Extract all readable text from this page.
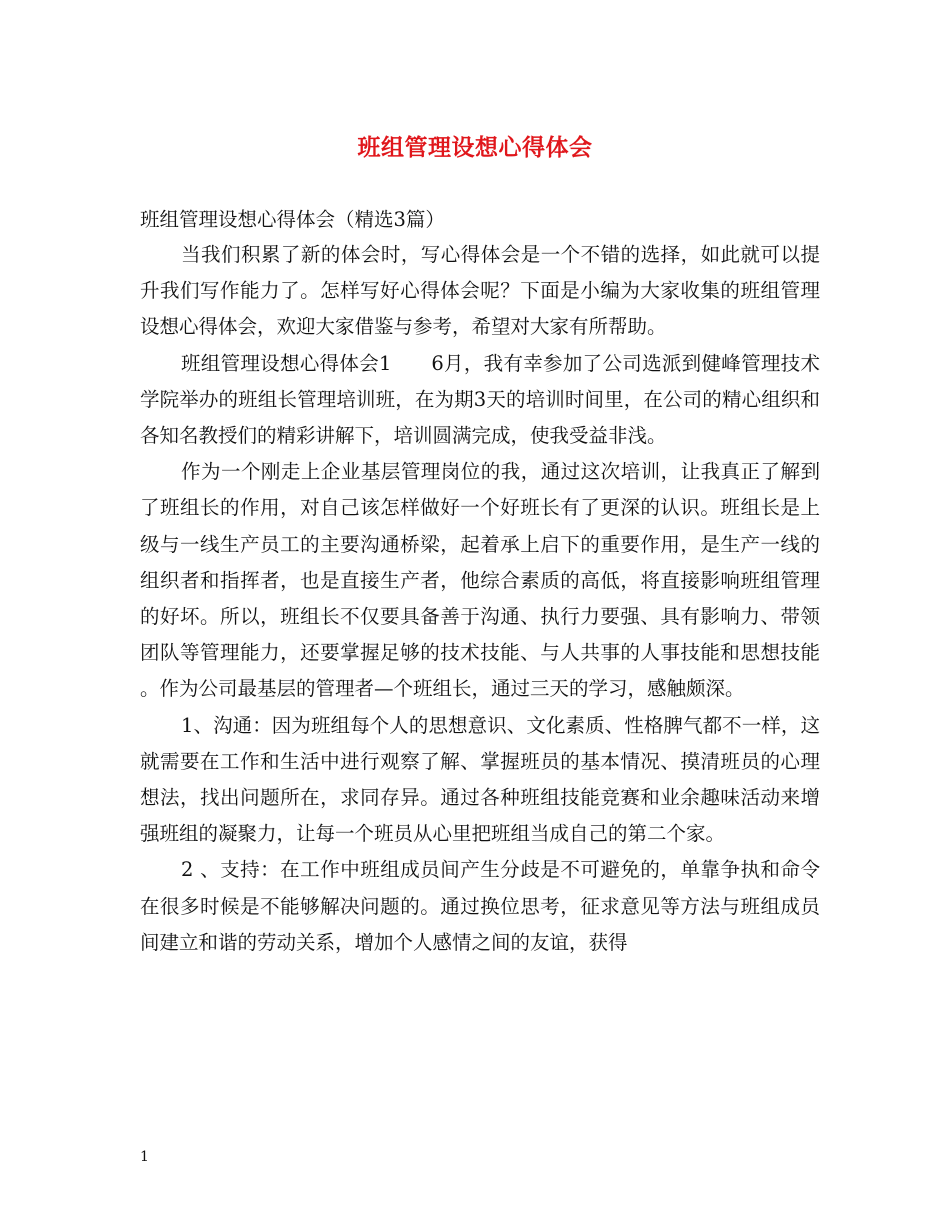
班组管理设想心得体会
班组管理设想心得体会（精选3篇）

当我们积累了新的体会时，写心得体会是一个不错的选择，如此就可以提升我们写作能力了。怎样写好心得体会呢？下面是小编为大家收集的班组管理设想心得体会，欢迎大家借鉴与参考，希望对大家有所帮助。

班组管理设想心得体会1　　6月，我有幸参加了公司选派到健峰管理技术学院举办的班组长管理培训班，在为期3天的培训时间里，在公司的精心组织和各知名教授们的精彩讲解下，培训圆满完成，使我受益非浅。

作为一个刚走上企业基层管理岗位的我，通过这次培训，让我真正了解到了班组长的作用，对自己该怎样做好一个好班长有了更深的认识。班组长是上级与一线生产员工的主要沟通桥梁，起着承上启下的重要作用，是生产一线的组织者和指挥者，也是直接生产者，他综合素质的高低，将直接影响班组管理的好坏。所以，班组长不仅要具备善于沟通、执行力要强、具有影响力、带领团队等管理能力，还要掌握足够的技术技能、与人共事的人事技能和思想技能。作为公司最基层的管理者—个班组长，通过三天的学习，感触颇深。

1、沟通：因为班组每个人的思想意识、文化素质、性格脾气都不一样，这就需要在工作和生活中进行观察了解、掌握班员的基本情况、摸清班员的心理想法，找出问题所在，求同存异。通过各种班组技能竞赛和业余趣味活动来增强班组的凝聚力，让每一个班员从心里把班组当成自己的第二个家。

2 、支持：在工作中班组成员间产生分歧是不可避免的，单靠争执和命令在很多时候是不能够解决问题的。通过换位思考，征求意见等方法与班组成员间建立和谐的劳动关系，增加个人感情之间的友谊，获得

1
